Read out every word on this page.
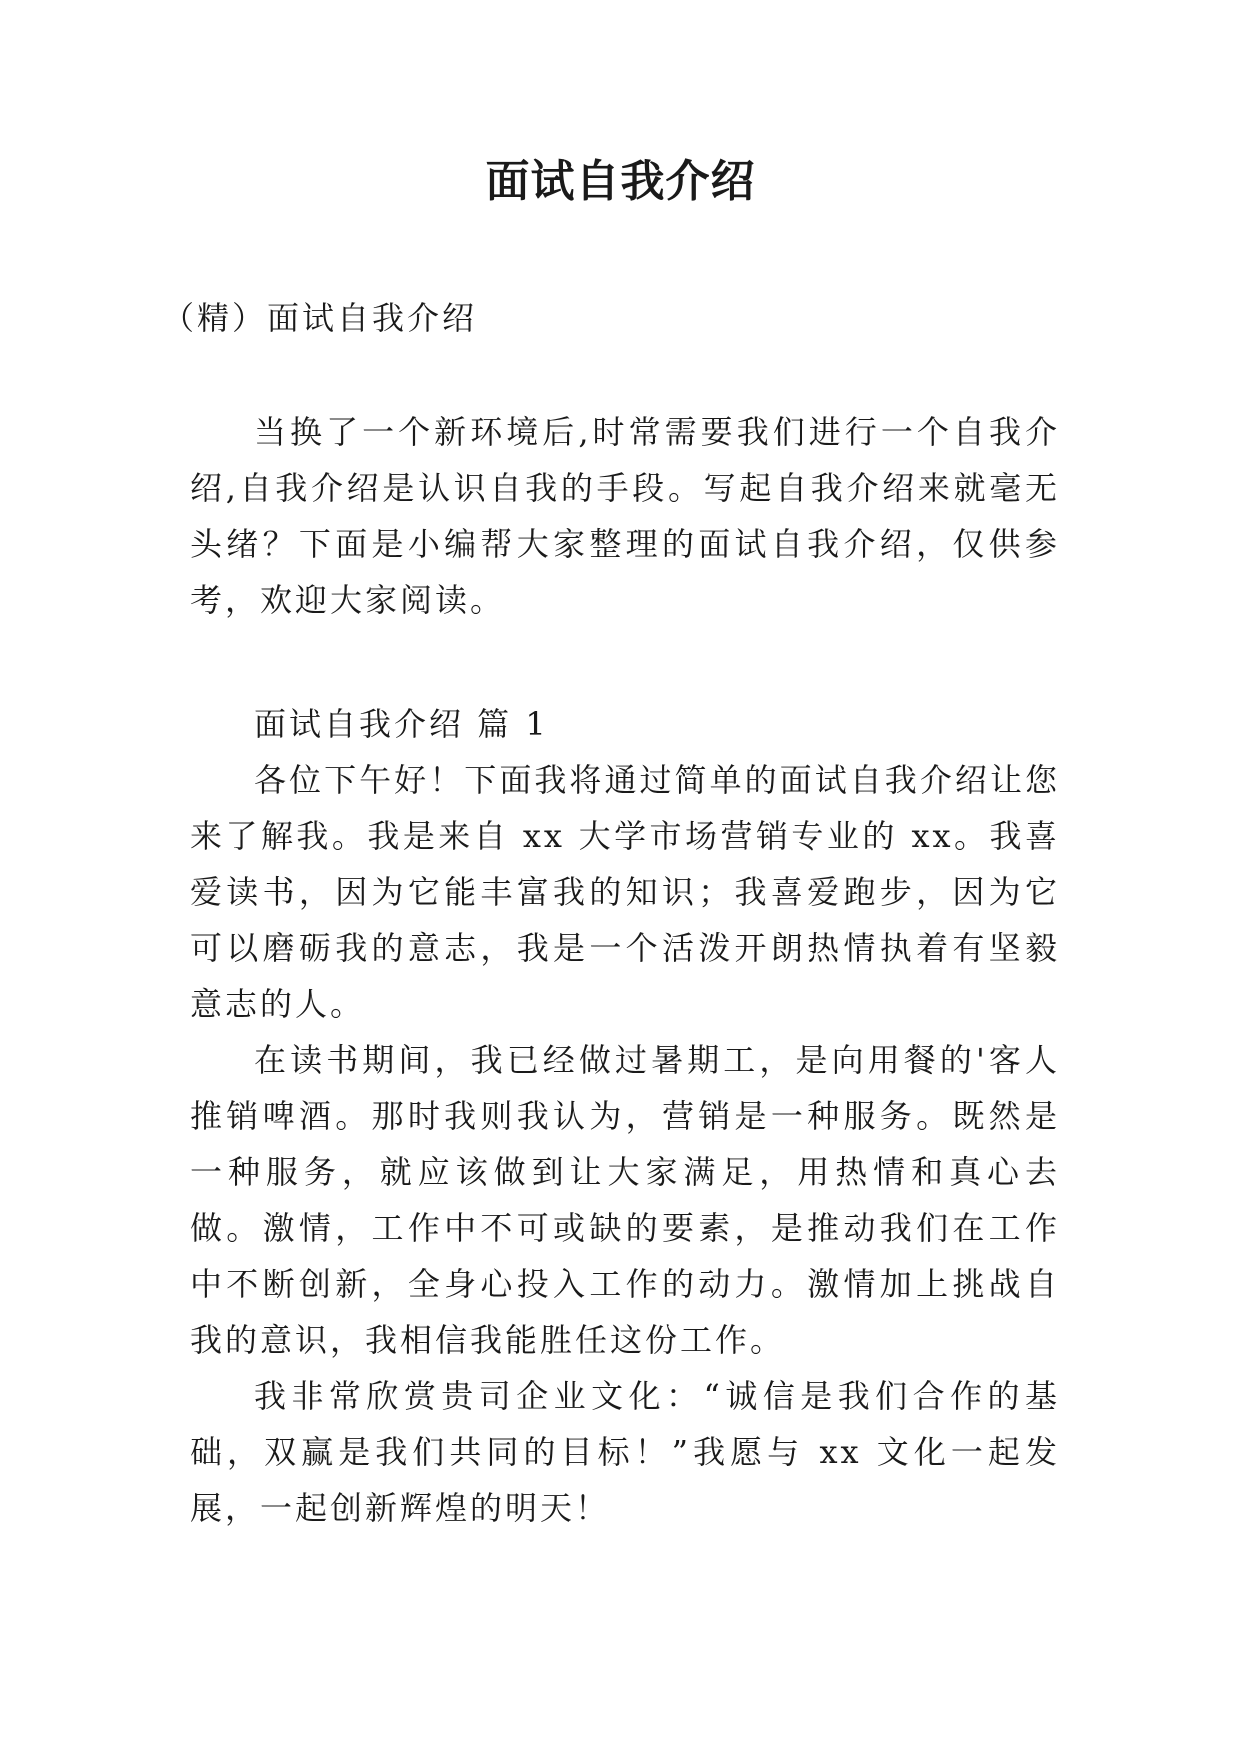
面试自我介绍

（精）面试自我介绍

当换了一个新环境后,时常需要我们进行一个自我介绍,自我介绍是认识自我的手段。写起自我介绍来就毫无头绪？下面是小编帮大家整理的面试自我介绍，仅供参考，欢迎大家阅读。

面试自我介绍 篇 1

各位下午好！下面我将通过简单的面试自我介绍让您来了解我。我是来自 xx 大学市场营销专业的 xx。我喜爱读书，因为它能丰富我的知识；我喜爱跑步，因为它可以磨砺我的意志，我是一个活泼开朗热情执着有坚毅意志的人。

在读书期间，我已经做过暑期工，是向用餐的'客人推销啤酒。那时我则我认为，营销是一种服务。既然是一种服务，就应该做到让大家满足，用热情和真心去做。激情，工作中不可或缺的要素，是推动我们在工作中不断创新，全身心投入工作的动力。激情加上挑战自我的意识，我相信我能胜任这份工作。

我非常欣赏贵司企业文化：“诚信是我们合作的基础，双赢是我们共同的目标！”我愿与 xx 文化一起发展，一起创新辉煌的明天！
